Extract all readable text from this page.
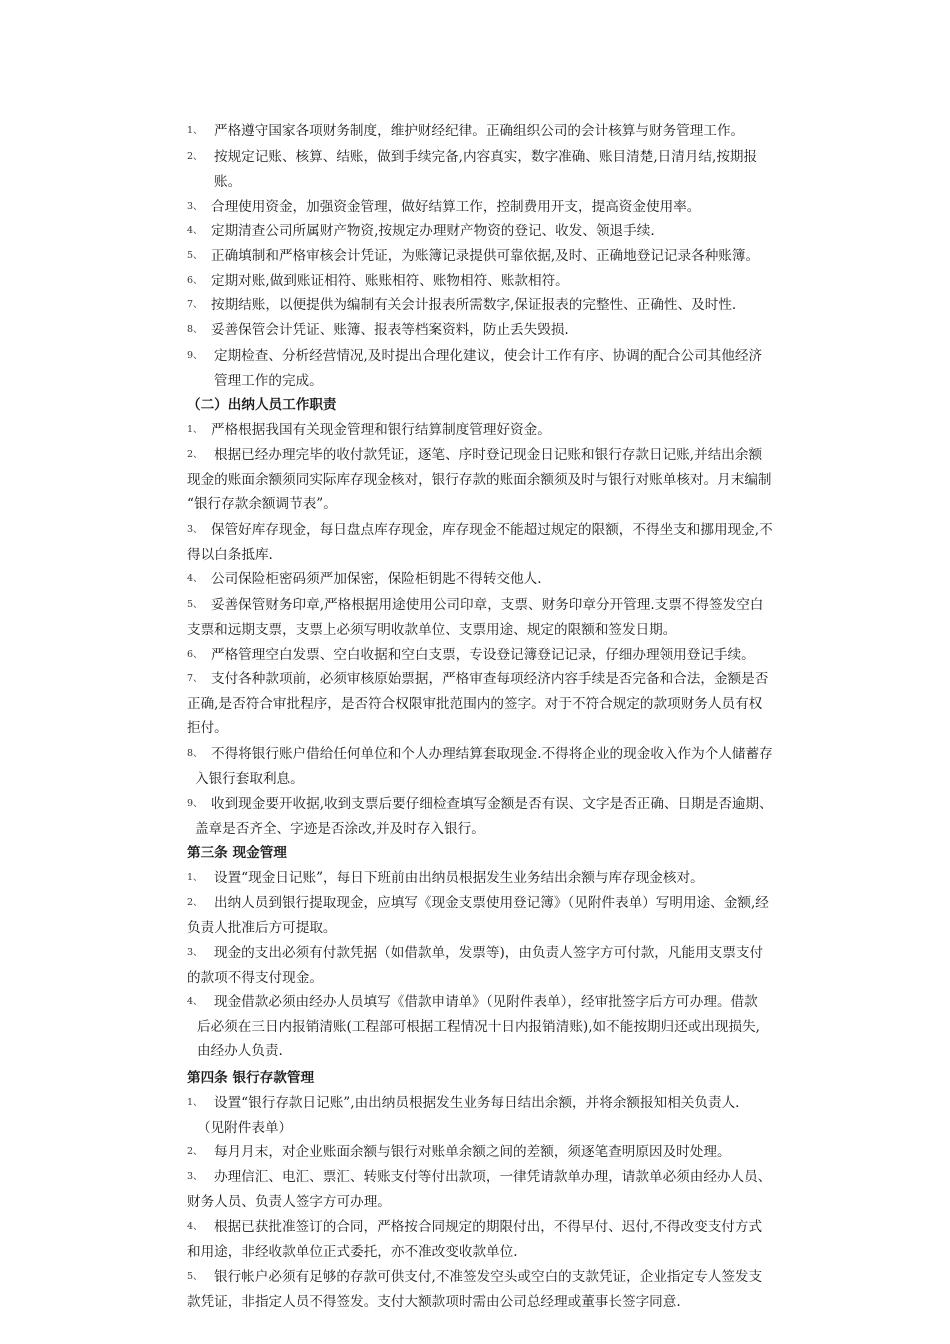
1、 严格遵守国家各项财务制度，维护财经纪律。正确组织公司的会计核算与财务管理工作。
2、 按规定记账、核算、结账，做到手续完备,内容真实，数字准确、账目清楚,日清月结,按期报
账。
3、 合理使用资金，加强资金管理，做好结算工作，控制费用开支，提高资金使用率。
4、 定期清查公司所属财产物资,按规定办理财产物资的登记、收发、领退手续.
5、 正确填制和严格审核会计凭证，为账簿记录提供可靠依据,及时、正确地登记记录各种账簿。
6、 定期对账,做到账证相符、账账相符、账物相符、账款相符。
7、 按期结账，以便提供为编制有关会计报表所需数字,保证报表的完整性、正确性、及时性.
8、 妥善保管会计凭证、账簿、报表等档案资料，防止丢失毁损.
9、 定期检查、分析经营情况,及时提出合理化建议，使会计工作有序、协调的配合公司其他经济
管理工作的完成。
（二）出纳人员工作职责
1、 严格根据我国有关现金管理和银行结算制度管理好资金。
2、 根据已经办理完毕的收付款凭证，逐笔、序时登记现金日记账和银行存款日记账,并结出余额
现金的账面余额须同实际库存现金核对，银行存款的账面余额须及时与银行对账单核对。月末编制
“银行存款余额调节表”。
3、 保管好库存现金，每日盘点库存现金，库存现金不能超过规定的限额，不得坐支和挪用现金,不
得以白条抵库.
4、 公司保险柜密码须严加保密，保险柜钥匙不得转交他人.
5、 妥善保管财务印章,严格根据用途使用公司印章，支票、财务印章分开管理.支票不得签发空白
支票和远期支票，支票上必须写明收款单位、支票用途、规定的限额和签发日期。
6、 严格管理空白发票、空白收据和空白支票，专设登记簿登记记录，仔细办理领用登记手续。
7、 支付各种款项前，必须审核原始票据，严格审查每项经济内容手续是否完备和合法，金额是否
正确,是否符合审批程序，是否符合权限审批范围内的签字。对于不符合规定的款项财务人员有权
拒付。
8、 不得将银行账户借给任何单位和个人办理结算套取现金.不得将企业的现金收入作为个人储蓄存
入银行套取利息。
9、 收到现金要开收据,收到支票后要仔细检查填写金额是否有误、文字是否正确、日期是否逾期、
盖章是否齐全、字迹是否涂改,并及时存入银行。
第三条 现金管理
1、 设置“现金日记账”，每日下班前由出纳员根据发生业务结出余额与库存现金核对。
2、 出纳人员到银行提取现金，应填写《现金支票使用登记簿》（见附件表单）写明用途、金额,经
负责人批准后方可提取。
3、 现金的支出必须有付款凭据（如借款单，发票等)，由负责人签字方可付款，凡能用支票支付
的款项不得支付现金。
4、 现金借款必须由经办人员填写《借款申请单》（见附件表单），经审批签字后方可办理。借款
后必须在三日内报销清账(工程部可根据工程情况十日内报销清账),如不能按期归还或出现损失,
由经办人负责.
第四条 银行存款管理
1、 设置“银行存款日记账”,由出纳员根据发生业务每日结出余额，并将余额报知相关负责人.
（见附件表单）
2、 每月月末，对企业账面余额与银行对账单余额之间的差额，须逐笔查明原因及时处理。
3、 办理信汇、电汇、票汇、转账支付等付出款项，一律凭请款单办理，请款单必须由经办人员、
财务人员、负责人签字方可办理。
4、 根据已获批准签订的合同，严格按合同规定的期限付出，不得早付、迟付,不得改变支付方式
和用途，非经收款单位正式委托，亦不准改变收款单位.
5、 银行帐户必须有足够的存款可供支付,不准签发空头或空白的支款凭证，企业指定专人签发支
款凭证，非指定人员不得签发。支付大额款项时需由公司总经理或董事长签字同意.
